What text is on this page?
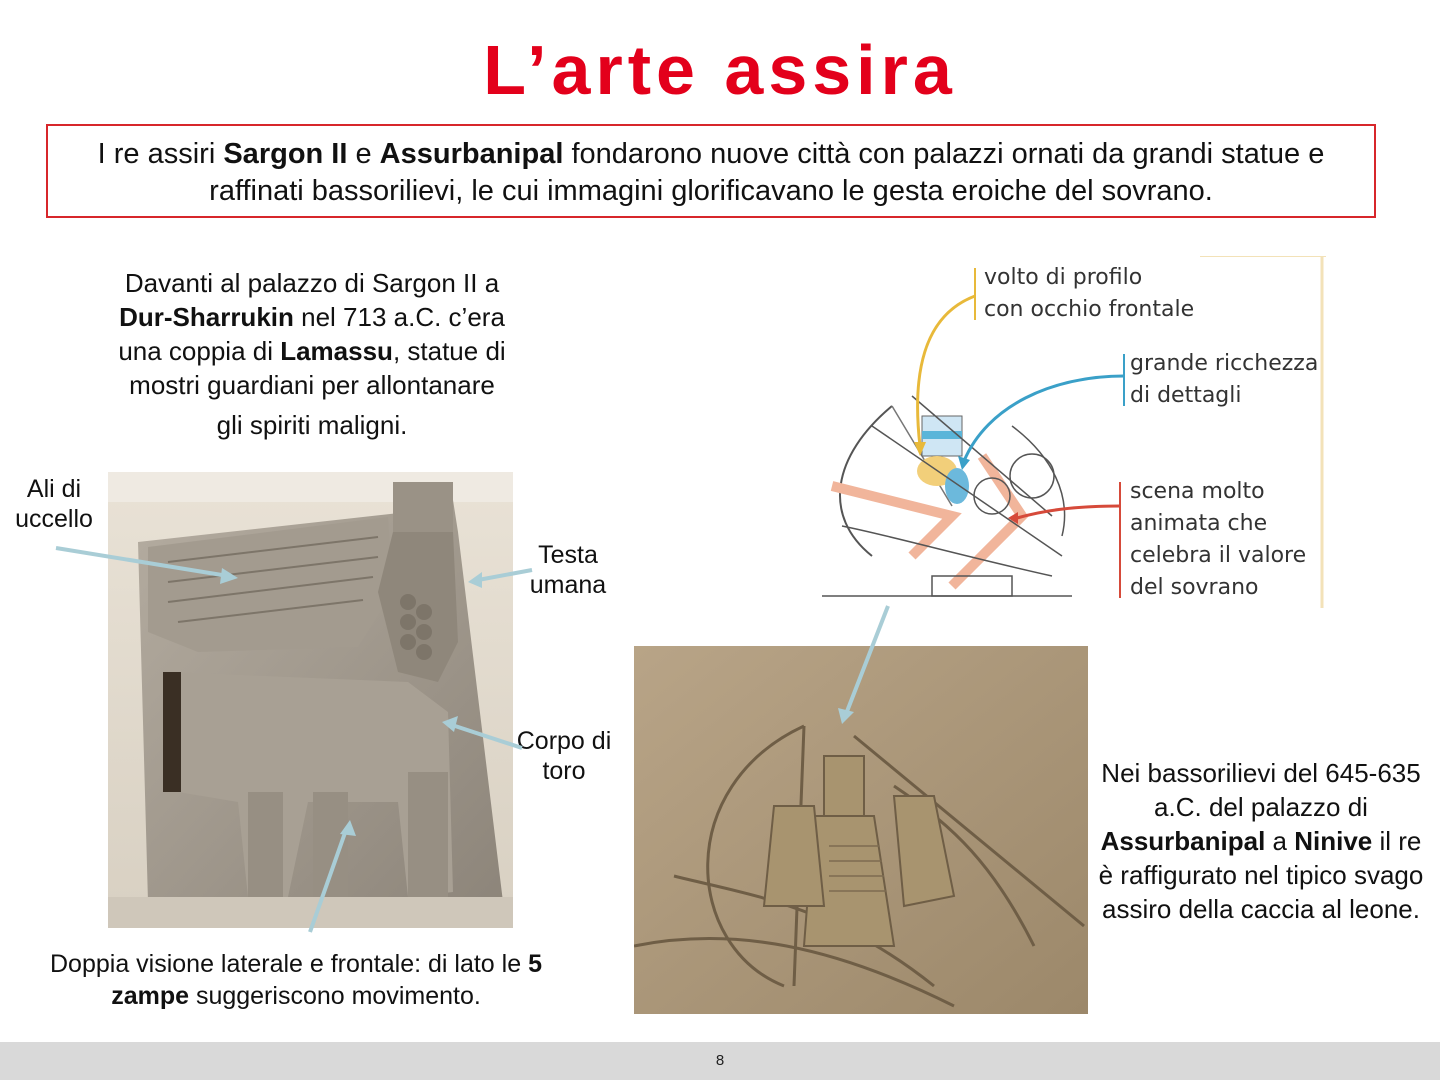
L’arte assira
I re assiri Sargon II e Assurbanipal fondarono nuove città con palazzi ornati da grandi statue e raffinati bassorilievi, le cui immagini glorificavano le gesta eroiche del sovrano.
Davanti al palazzo di Sargon II a Dur-Sharrukin nel 713 a.C. c’era una coppia di Lamassu, statue di mostri guardiani per allontanare
gli spiriti maligni.
Ali di uccello
Testa umana
Corpo di toro
Doppia visione laterale e frontale: di lato le 5 zampe suggeriscono movimento.
volto di profilo
con occhio frontale
grande ricchezza
di dettagli
scena molto
animata che
celebra il valore
del sovrano
Nei bassorilievi del 645-635 a.C. del palazzo di Assurbanipal a Ninive il re è raffigurato nel tipico svago assiro della caccia al leone.
8
